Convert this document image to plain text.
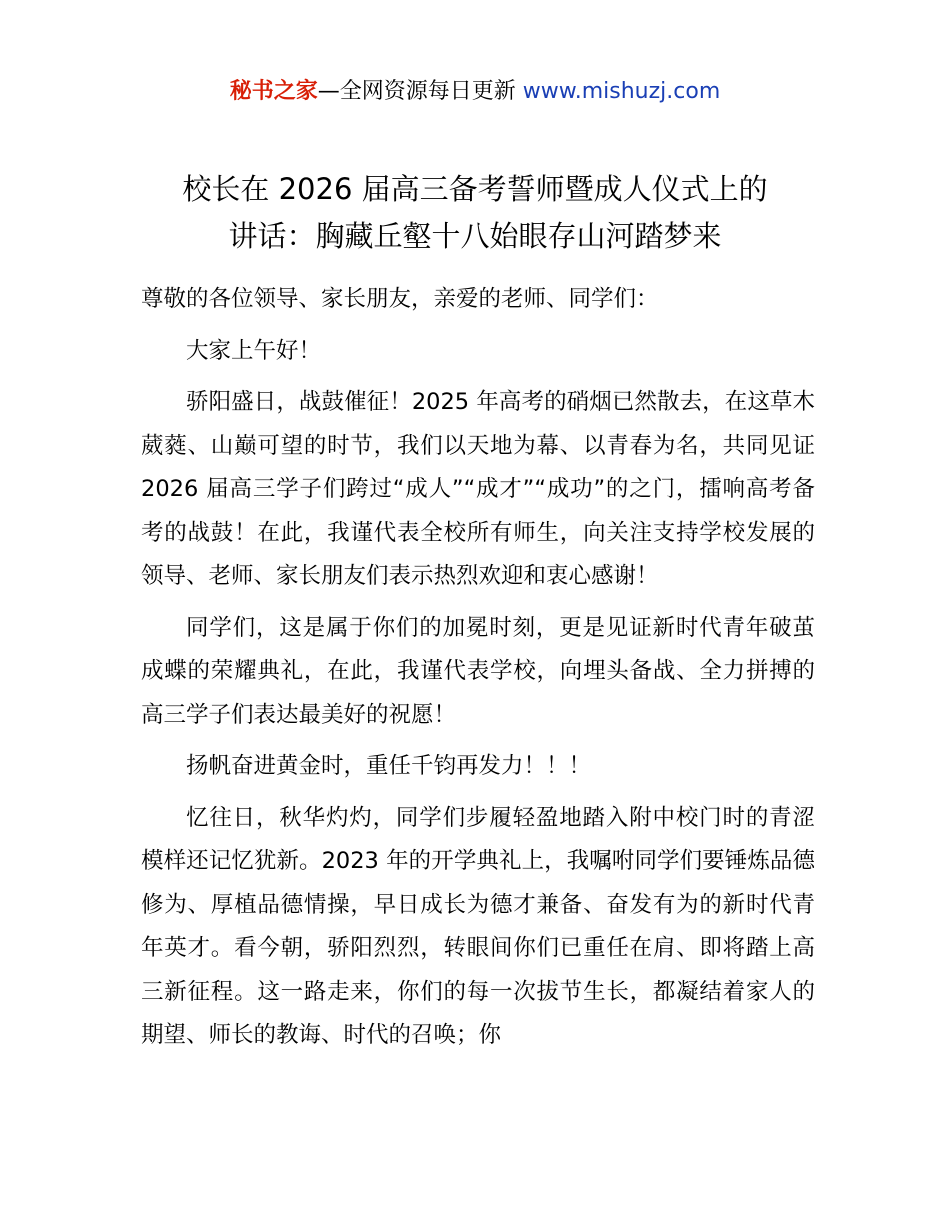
秘书之家—全网资源每日更新 www.mishuzj.com
校长在 2026 届高三备考誓师暨成人仪式上的
讲话：胸藏丘壑十八始眼存山河踏梦来

尊敬的各位领导、家长朋友，亲爱的老师、同学们：

大家上午好！

骄阳盛日，战鼓催征！2025 年高考的硝烟已然散去，在这草木葳蕤、山巅可望的时节，我们以天地为幕、以青春为名，共同见证 2026 届高三学子们跨过“成人”“成才”“成功”的之门，擂响高考备考的战鼓！在此，我谨代表全校所有师生，向关注支持学校发展的领导、老师、家长朋友们表示热烈欢迎和衷心感谢！

同学们，这是属于你们的加冕时刻，更是见证新时代青年破茧成蝶的荣耀典礼，在此，我谨代表学校，向埋头备战、全力拼搏的高三学子们表达最美好的祝愿！

扬帆奋进黄金时，重任千钧再发力！！！

忆往日，秋华灼灼，同学们步履轻盈地踏入附中校门时的青涩模样还记忆犹新。2023 年的开学典礼上，我嘱咐同学们要锤炼品德修为、厚植品德情操，早日成长为德才兼备、奋发有为的新时代青年英才。看今朝，骄阳烈烈，转眼间你们已重任在肩、即将踏上高三新征程。这一路走来，你们的每一次拔节生长，都凝结着家人的期望、师长的教诲、时代的召唤；你
